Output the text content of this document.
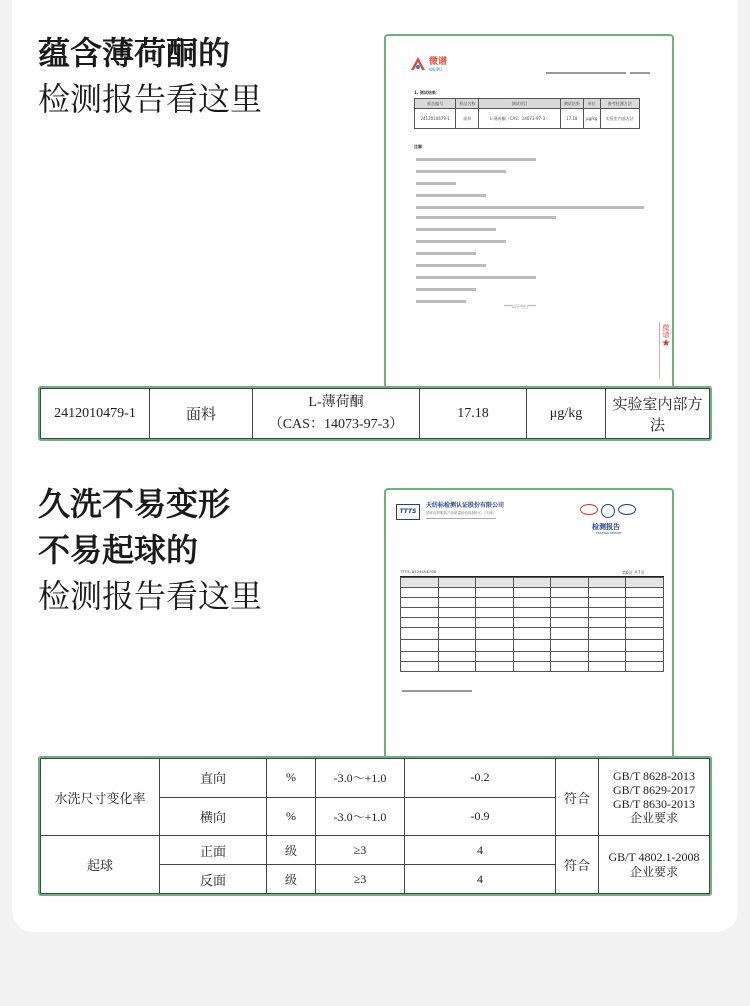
蕴含薄荷酮的
检测报告看这里
微谱
WEIPU
1. 测试结果：
样品编号	样品名称	测试项目	测试结果	单位	参考检测方法
2412010479-1	面料	L-薄荷酮（CAS：14073-97-3）	17.18	μg/kg	实验室内部方法
注解：
****以下空白****
微谱
★
2412010479-1	面料	
L-薄荷酮
（CAS：14073-97-3）
	17.18	μg/kg	实验室内部方法
久洗不易变形
不易起球的
检测报告看这里
TTTS
天纺标检测认证股份有限公司
国家纺织服装产品质量检验检测中心（天津）
检测报告
TESTING REPORT
TTTS-W724151706	第6页 共7页

水洗尺寸变化率	直向	%	-3.0～+1.0	-0.2	符合	GB/T 8628-2013
GB/T 8629-2017
GB/T 8630-2013
企业要求

	横向	%	-3.0～+1.0	-0.9		
起球	正面	级	≥3	4	符合	GB/T 4802.1-2008
企业要求

	反面	级	≥3	4		
